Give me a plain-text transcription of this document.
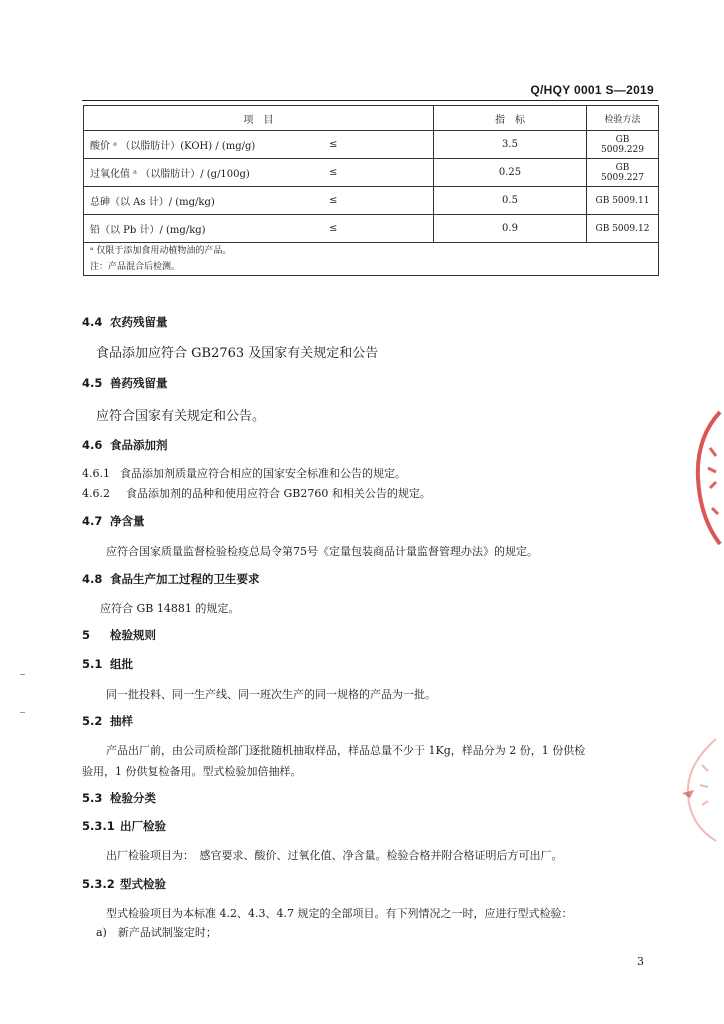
Q/HQY 0001 S—2019
项　目		指　标	检验方法
酸价 ᵃ （以脂肪计）(KOH) / (mg/g)	≤	3.5	GB 5009.229
过氧化值 ᵃ （以脂肪计）/ (g/100g)	≤	0.25	GB 5009.227
总砷（以 As 计）/ (mg/kg)	≤	0.5	GB 5009.11
铅（以 Pb 计）/ (mg/kg)	≤	0.9	GB 5009.12

ᵃ 仅限于添加食用动植物油的产品。
注：产品混合后检测。			
4.4 农药残留量
食品添加应符合 GB2763 及国家有关规定和公告
4.5 兽药残留量
应符合国家有关规定和公告。
4.6 食品添加剂
4.6.1 食品添加剂质量应符合相应的国家安全标准和公告的规定。
4.6.2 食品添加剂的品种和使用应符合 GB2760 和相关公告的规定。
4.7 净含量
应符合国家质量监督检验检疫总局令第75号《定量包装商品计量监督管理办法》的规定。
4.8 食品生产加工过程的卫生要求
应符合 GB 14881 的规定。
5 检验规则
5.1 组批
同一批投料、同一生产线、同一班次生产的同一规格的产品为一批。
5.2 抽样
产品出厂前，由公司质检部门逐批随机抽取样品，样品总量不少于 1Kg，样品分为 2 份，1 份供检
验用，1 份供复检备用。型式检验加倍抽样。
5.3 检验分类
5.3.1 出厂检验
出厂检验项目为：　感官要求、酸价、过氧化值、净含量。检验合格并附合格证明后方可出厂。
5.3.2 型式检验
型式检验项目为本标准 4.2、4.3、4.7 规定的全部项目。有下列情况之一时，应进行型式检验：
a)　新产品试制鉴定时；
3
